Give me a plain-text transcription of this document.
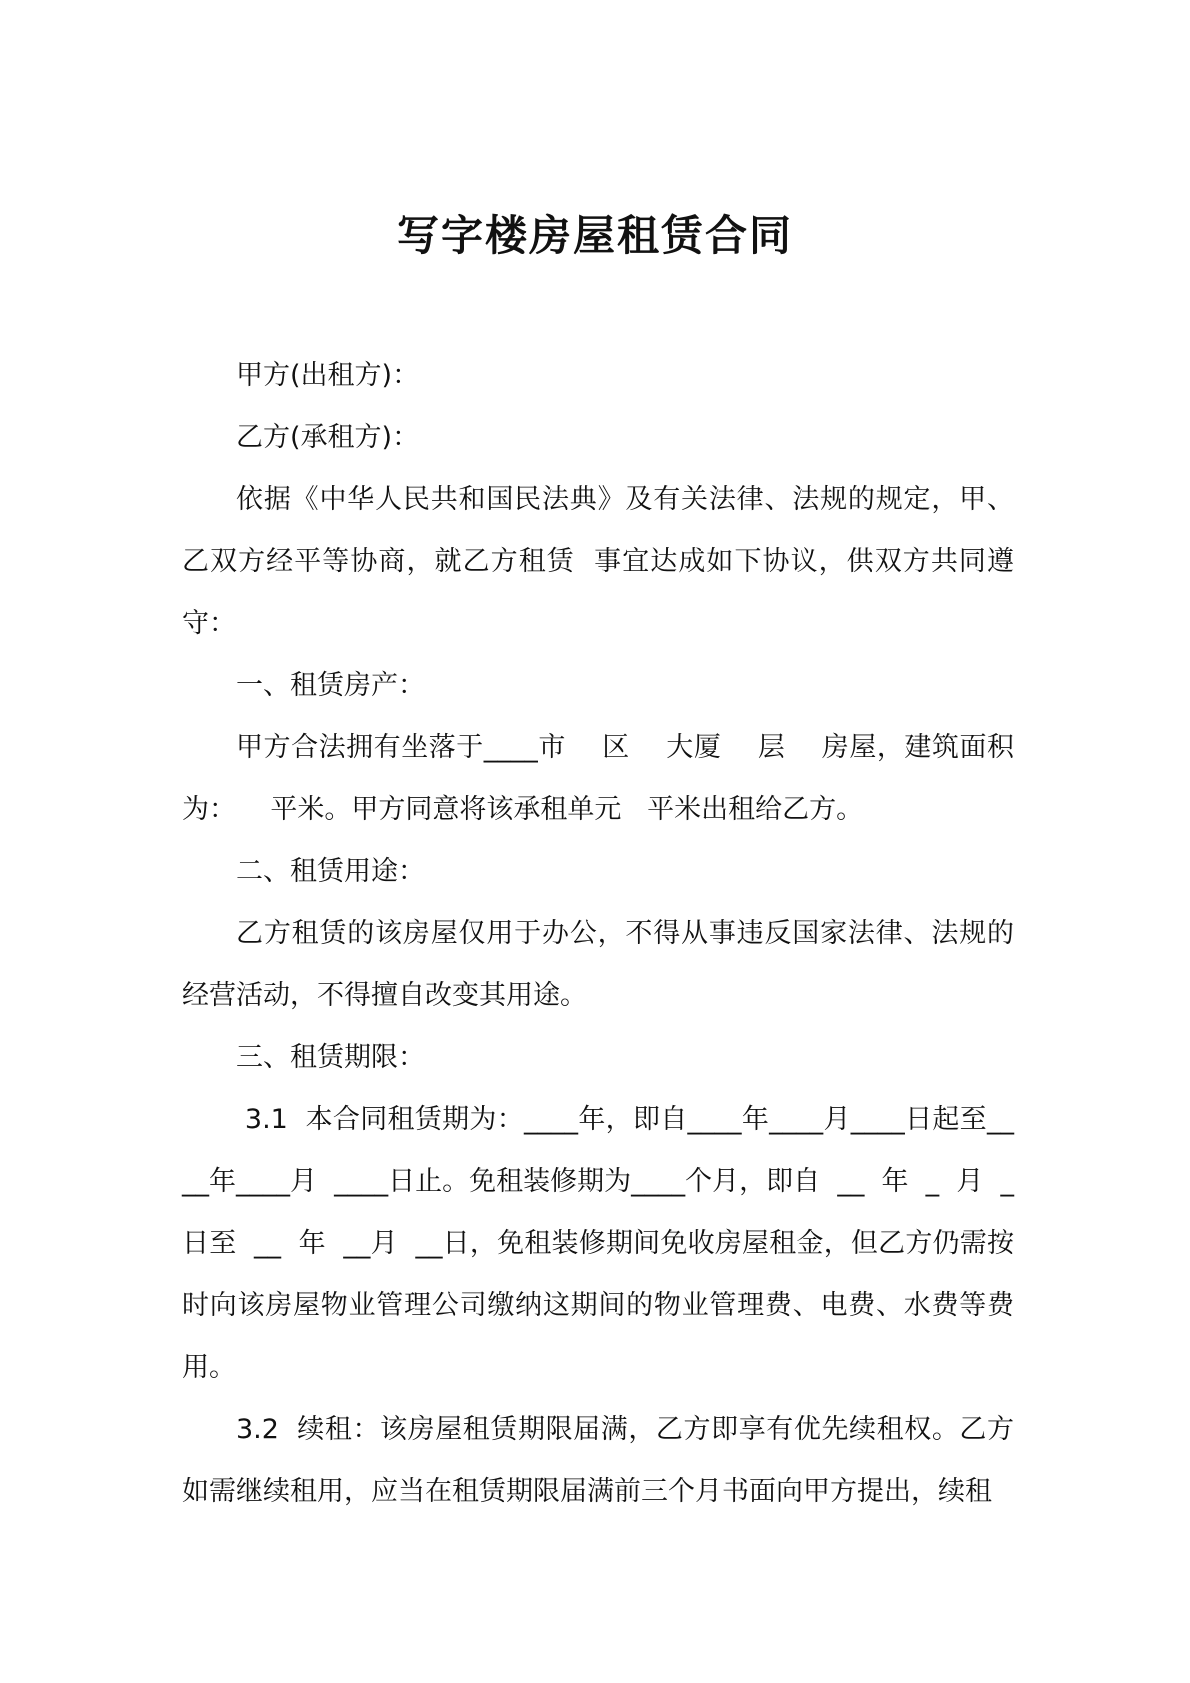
写字楼房屋租赁合同

甲方(出租方)：

乙方(承租方)：

依据《中华人民共和国民法典》及有关法律、法规的规定，甲、乙双方经平等协商，就乙方租赁  事宜达成如下协议，供双方共同遵守：

一、租赁房产：

甲方合法拥有坐落于____市    区    大厦    层    房屋，建筑面积为：    平米。甲方同意将该承租单元   平米出租给乙方。

二、租赁用途：

乙方租赁的该房屋仅用于办公，不得从事违反国家法律、法规的经营活动，不得擅自改变其用途。

三、租赁期限：

3.1  本合同租赁期为：____年，即自____年____月____日起至____年____月  ____日止。免租装修期为____个月，即自  __  年  _  月  _  日至  __  年  __月  __日，免租装修期间免收房屋租金，但乙方仍需按时向该房屋物业管理公司缴纳这期间的物业管理费、电费、水费等费用。

3.2  续租：该房屋租赁期限届满，乙方即享有优先续租权。乙方如需继续租用，应当在租赁期限届满前三个月书面向甲方提出，续租
